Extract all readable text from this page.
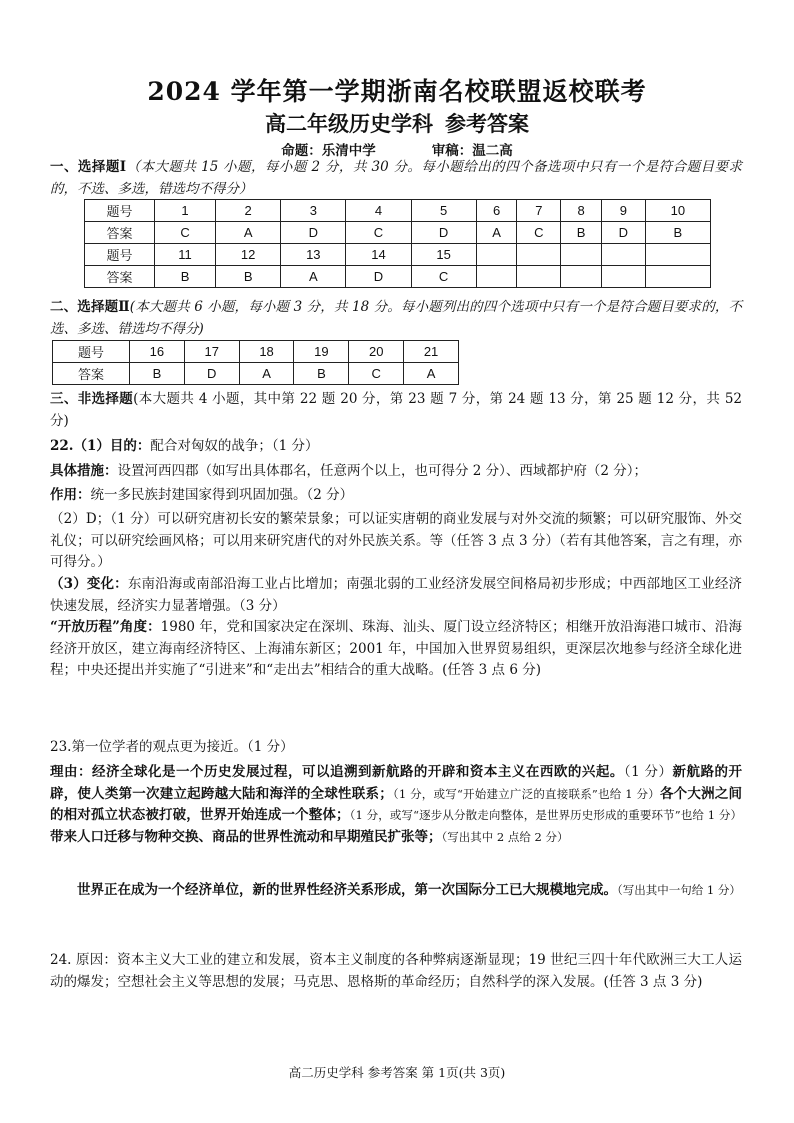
2024 学年第一学期浙南名校联盟返校联考
高二年级历史学科 参考答案
命题：乐清中学	审稿：温二高
一、选择题Ⅰ（本大题共 15 小题，每小题 2 分，共 30 分。每小题给出的四个备选项中只有一个是符合题目要求的，不选、多选，错选均不得分）
题号	1	2	3	4	5	6	7	8	9	10
答案	C	A	D	C	D	A	C	B	D	B
题号	11	12	13	14	15					
答案	B	B	A	D	C					
二、选择题Ⅱ(本大题共 6 小题，每小题 3 分，共 18 分。每小题列出的四个选项中只有一个是符合题目要求的，不选、多选、错选均不得分)
题号	16	17	18	19	20	21
答案	B	D	A	B	C	A
三、非选择题(本大题共 4 小题，其中第 22 题 20 分，第 23 题 7 分，第 24 题 13 分，第 25 题 12 分，共 52 分)
22.（1）目的：配合对匈奴的战争；（1 分）
具体措施：设置河西四郡（如写出具体郡名，任意两个以上，也可得分 2 分）、西域都护府（2 分）；
作用：统一多民族封建国家得到巩固加强。（2 分）
（2）D；（1 分）可以研究唐初长安的繁荣景象；可以证实唐朝的商业发展与对外交流的频繁；可以研究服饰、外交礼仪；可以研究绘画风格；可以用来研究唐代的对外民族关系。等（任答 3 点 3 分）（若有其他答案，言之有理，亦可得分。）
（3）变化：东南沿海或南部沿海工业占比增加；南强北弱的工业经济发展空间格局初步形成；中西部地区工业经济快速发展，经济实力显著增强。（3 分）
“开放历程”角度：1980 年，党和国家决定在深圳、珠海、汕头、厦门设立经济特区；相继开放沿海港口城市、沿海经济开放区，建立海南经济特区、上海浦东新区；2001 年，中国加入世界贸易组织，更深层次地参与经济全球化进程；中央还提出并实施了“引进来”和“走出去”相结合的重大战略。(任答 3 点 6 分)
23.第一位学者的观点更为接近。（1 分）
理由：经济全球化是一个历史发展过程，可以追溯到新航路的开辟和资本主义在西欧的兴起。（1 分）新航路的开辟，使人类第一次建立起跨越大陆和海洋的全球性联系；（1 分，或写“开始建立广泛的直接联系”也给 1 分）各个大洲之间的相对孤立状态被打破，世界开始连成一个整体；（1 分，或写“逐步从分散走向整体，是世界历史形成的重要环节”也给 1 分）带来人口迁移与物种交换、商品的世界性流动和早期殖民扩张等；（写出其中 2 点给 2 分）
世界正在成为一个经济单位，新的世界性经济关系形成，第一次国际分工已大规模地完成。（写出其中一句给 1 分）
24. 原因：资本主义大工业的建立和发展，资本主义制度的各种弊病逐渐显现；19 世纪三四十年代欧洲三大工人运动的爆发；空想社会主义等思想的发展；马克思、恩格斯的革命经历；自然科学的深入发展。(任答 3 点 3 分)
高二历史学科 参考答案 第 1页(共 3页)
